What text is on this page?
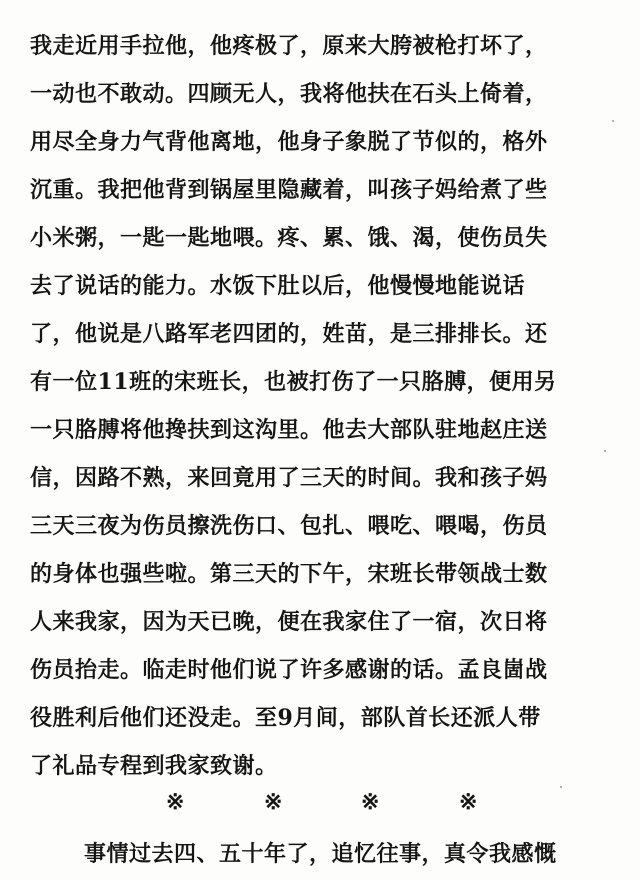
我走近用手拉他，他疼极了，原来大胯被枪打坏了，
一动也不敢动。四顾无人，我将他扶在石头上倚着，
用尽全身力气背他离地，他身子象脱了节似的，格外
沉重。我把他背到锅屋里隐藏着，叫孩子妈给煮了些
小米粥，一匙一匙地喂。疼、累、饿、渴，使伤员失
去了说话的能力。水饭下肚以后，他慢慢地能说话
了，他说是八路军老四团的，姓苗，是三排排长。还
有一位11班的宋班长，也被打伤了一只胳膊，便用另
一只胳膊将他搀扶到这沟里。他去大部队驻地赵庄送
信，因路不熟，来回竟用了三天的时间。我和孩子妈
三天三夜为伤员擦洗伤口、包扎、喂吃、喂喝，伤员
的身体也强些啦。第三天的下午，宋班长带领战士数
人来我家，因为天已晚，便在我家住了一宿，次日将
伤员抬走。临走时他们说了许多感谢的话。孟良崮战
役胜利后他们还没走。至9月间，部队首长还派人带
了礼品专程到我家致谢。
※	※	※	※
事情过去四、五十年了，追忆往事，真令我感慨
